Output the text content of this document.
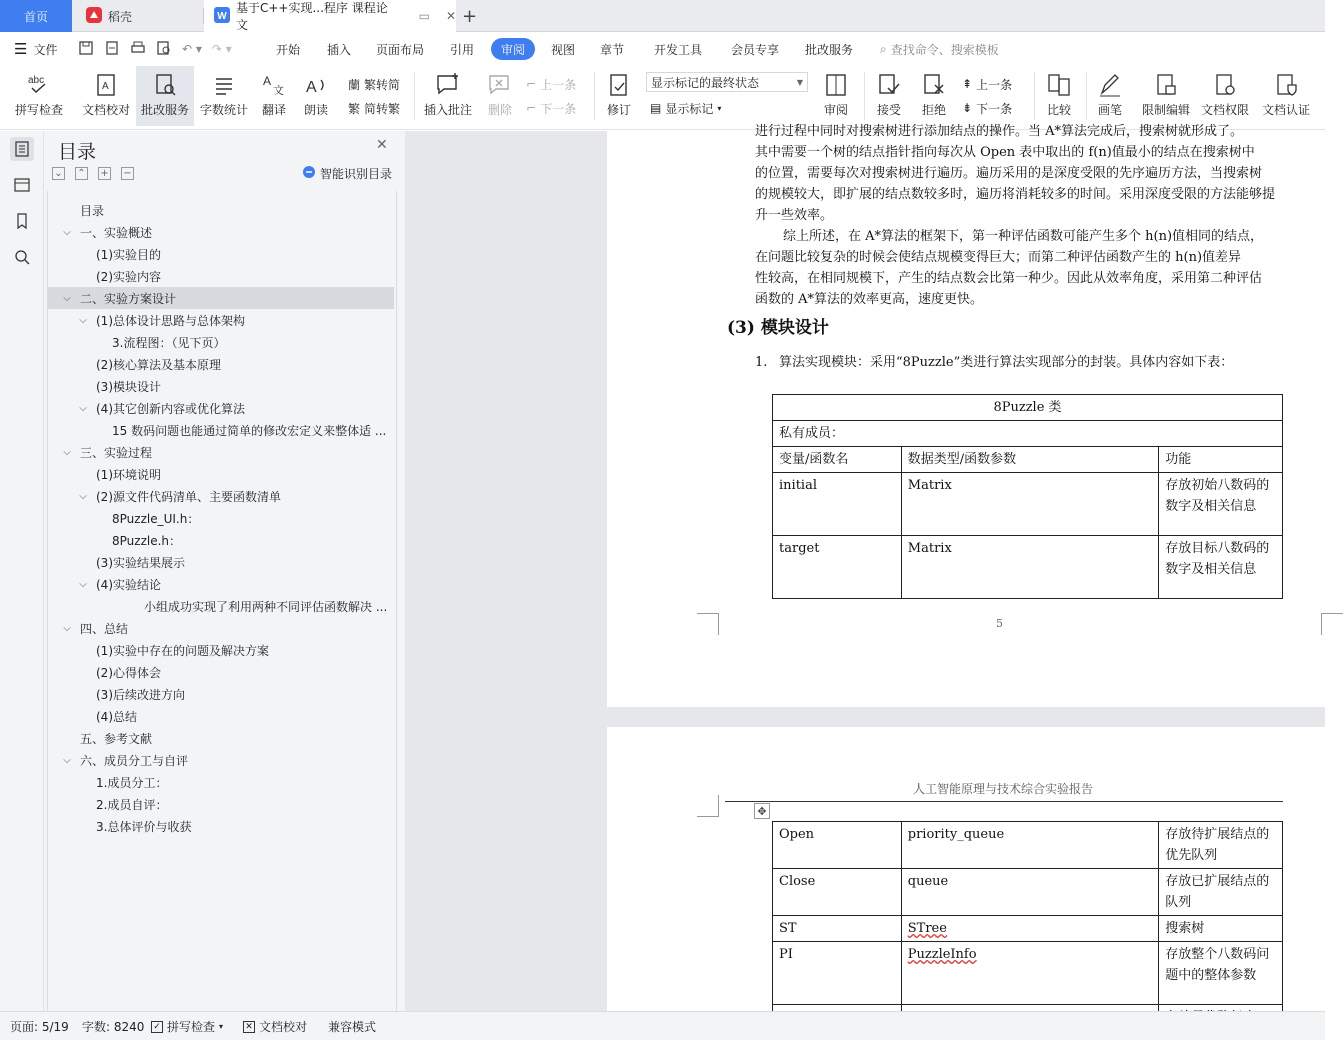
首页	稻壳	W
基于C++实现...程序 课程论文
▭ ✕ +
☰ 文件	↶ ▾ ↷ ▾	开始 插入 页面布局 引用	审阅	视图 章节 开发工具 会员专享 批改服务 ⌕ 查找命令、搜索模板
abc
拼写检查
A
文档校对 批改服务 字数统计
A
文
翻译
A
朗读
蘭 繁转简
繁 简转繁 插入批注 删除
⌐ 上一条
⌐ 下一条	修订
显示标记的最终状态	▼
▤ 显示标记 ▾	审阅 接受 拒绝
⇞ 上一条
⇟ 下一条	比较 画笔 限制编辑 文档权限 文档认证
目录	✕
⌄ ⌃ + −	智能识别目录
目录
⌵ 一、实验概述
(1)实验目的
(2)实验内容
⌵ 二、实验方案设计
⌵ (1)总体设计思路与总体架构
3.流程图：（见下页）
(2)核心算法及基本原理
(3)模块设计
⌵ (4)其它创新内容或优化算法
15 数码问题也能通过简单的修改宏定义来整体适 ...
⌵ 三、实验过程
(1)环境说明
⌵ (2)源文件代码清单、主要函数清单
8Puzzle_UI.h：
8Puzzle.h：
(3)实验结果展示
⌵ (4)实验结论
小组成功实现了利用两种不同评估函数解决 ...
⌵ 四、总结
(1)实验中存在的问题及解决方案
(2)心得体会
(3)后续改进方向
(4)总结
五、参考文献
⌵ 六、成员分工与自评
1.成员分工：
2.成员自评：
3.总体评价与收获
进行过程中同时对搜索树进行添加结点的操作。当 A*算法完成后，搜索树就形成了。
其中需要一个树的结点指针指向每次从 Open 表中取出的 f(n)值最小的结点在搜索树中
的位置，需要每次对搜索树进行遍历。遍历采用的是深度受限的先序遍历方法，当搜索树
的规模较大，即扩展的结点数较多时，遍历将消耗较多的时间。采用深度受限的方法能够提
升一些效率。
综上所述，在 A*算法的框架下，第一种评估函数可能产生多个 h(n)值相同的结点，
在问题比较复杂的时候会使结点规模变得巨大；而第二种评估函数产生的 h(n)值差异
性较高，在相同规模下，产生的结点数会比第一种少。因此从效率角度，采用第二种评估
函数的 A*算法的效率更高，速度更快。
(3) 模块设计
1. 算法实现模块：采用“8Puzzle”类进行算法实现部分的封装。具体内容如下表：
8Puzzle 类		
私有成员：		
变量/函数名	数据类型/函数参数	功能
initial	Matrix	存放初始八数码的数字及相关信息
target	Matrix	存放目标八数码的数字及相关信息
5
人工智能原理与技术综合实验报告
✥
Open	priority_queue	存放待扩展结点的优先队列
Close	queue	存放已扩展结点的队列
ST	STree	搜索树
PI	PuzzleInfo	存放整个八数码问题中的整体参数

页面: 5/19 字数: 8240 ✓ 拼写检查 ▾ ✕ 文档校对 兼容模式
